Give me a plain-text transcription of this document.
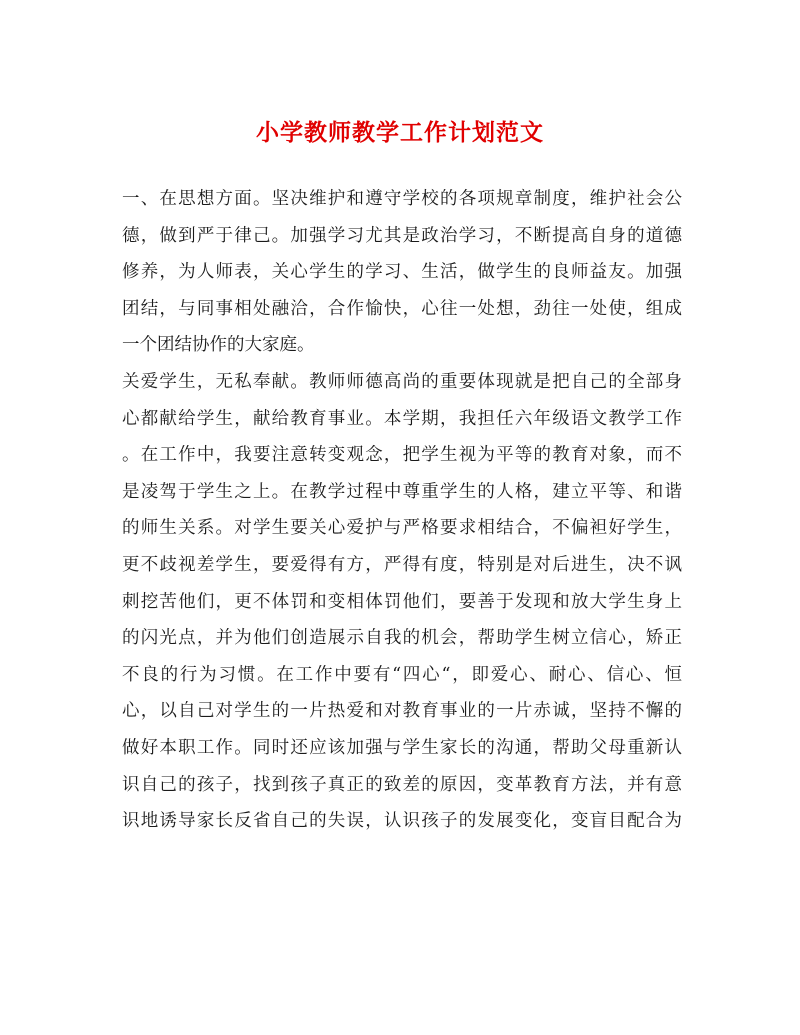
小学教师教学工作计划范文
一、在思想方面。坚决维护和遵守学校的各项规章制度，维护社会公
德，做到严于律己。加强学习尤其是政治学习，不断提高自身的道德
修养，为人师表，关心学生的学习、生活，做学生的良师益友。加强
团结，与同事相处融洽，合作愉快，心往一处想，劲往一处使，组成
一个团结协作的大家庭。
关爱学生，无私奉献。教师师德高尚的重要体现就是把自己的全部身
心都献给学生，献给教育事业。本学期，我担任六年级语文教学工作
。在工作中，我要注意转变观念，把学生视为平等的教育对象，而不
是凌驾于学生之上。在教学过程中尊重学生的人格，建立平等、和谐
的师生关系。对学生要关心爱护与严格要求相结合，不偏袒好学生，
更不歧视差学生，要爱得有方，严得有度，特别是对后进生，决不讽
刺挖苦他们，更不体罚和变相体罚他们，要善于发现和放大学生身上
的闪光点，并为他们创造展示自我的机会，帮助学生树立信心，矫正
不良的行为习惯。在工作中要有“四心“，即爱心、耐心、信心、恒
心，以自己对学生的一片热爱和对教育事业的一片赤诚，坚持不懈的
做好本职工作。同时还应该加强与学生家长的沟通，帮助父母重新认
识自己的孩子，找到孩子真正的致差的原因，变革教育方法，并有意
识地诱导家长反省自己的失误，认识孩子的发展变化，变盲目配合为
